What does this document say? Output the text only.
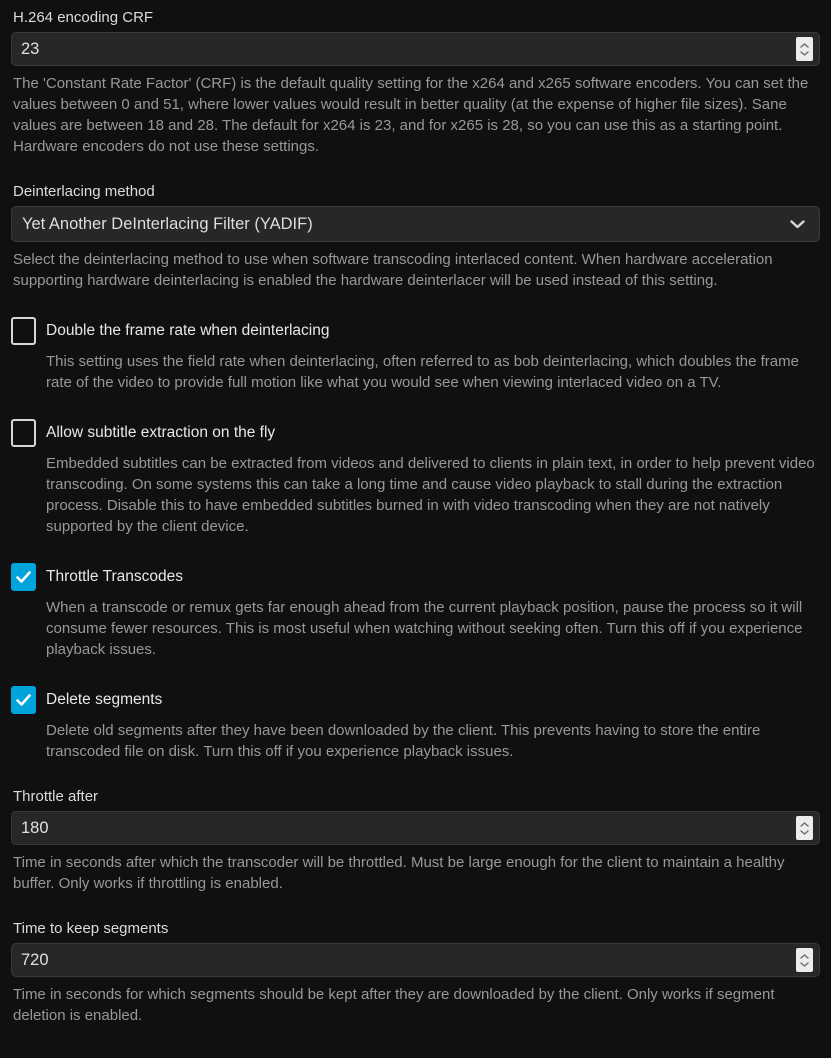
H.264 encoding CRF
23

The 'Constant Rate Factor' (CRF) is the default quality setting for the x264 and x265 software encoders. You can set the values between 0 and 51, where lower values would result in better quality (at the expense of higher file sizes). Sane values are between 18 and 28. The default for x264 is 23, and for x265 is 28, so you can use this as a starting point. Hardware encoders do not use these settings.

Deinterlacing method
Yet Another DeInterlacing Filter (YADIF)

Select the deinterlacing method to use when software transcoding interlaced content. When hardware acceleration supporting hardware deinterlacing is enabled the hardware deinterlacer will be used instead of this setting.

Double the frame rate when deinterlacing

This setting uses the field rate when deinterlacing, often referred to as bob deinterlacing, which doubles the frame rate of the video to provide full motion like what you would see when viewing interlaced video on a TV.

Allow subtitle extraction on the fly

Embedded subtitles can be extracted from videos and delivered to clients in plain text, in order to help prevent video transcoding. On some systems this can take a long time and cause video playback to stall during the extraction process. Disable this to have embedded subtitles burned in with video transcoding when they are not natively supported by the client device.

Throttle Transcodes

When a transcode or remux gets far enough ahead from the current playback position, pause the process so it will consume fewer resources. This is most useful when watching without seeking often. Turn this off if you experience playback issues.

Delete segments

Delete old segments after they have been downloaded by the client. This prevents having to store the entire transcoded file on disk. Turn this off if you experience playback issues.

Throttle after
180

Time in seconds after which the transcoder will be throttled. Must be large enough for the client to maintain a healthy buffer. Only works if throttling is enabled.

Time to keep segments
720

Time in seconds for which segments should be kept after they are downloaded by the client. Only works if segment deletion is enabled.
